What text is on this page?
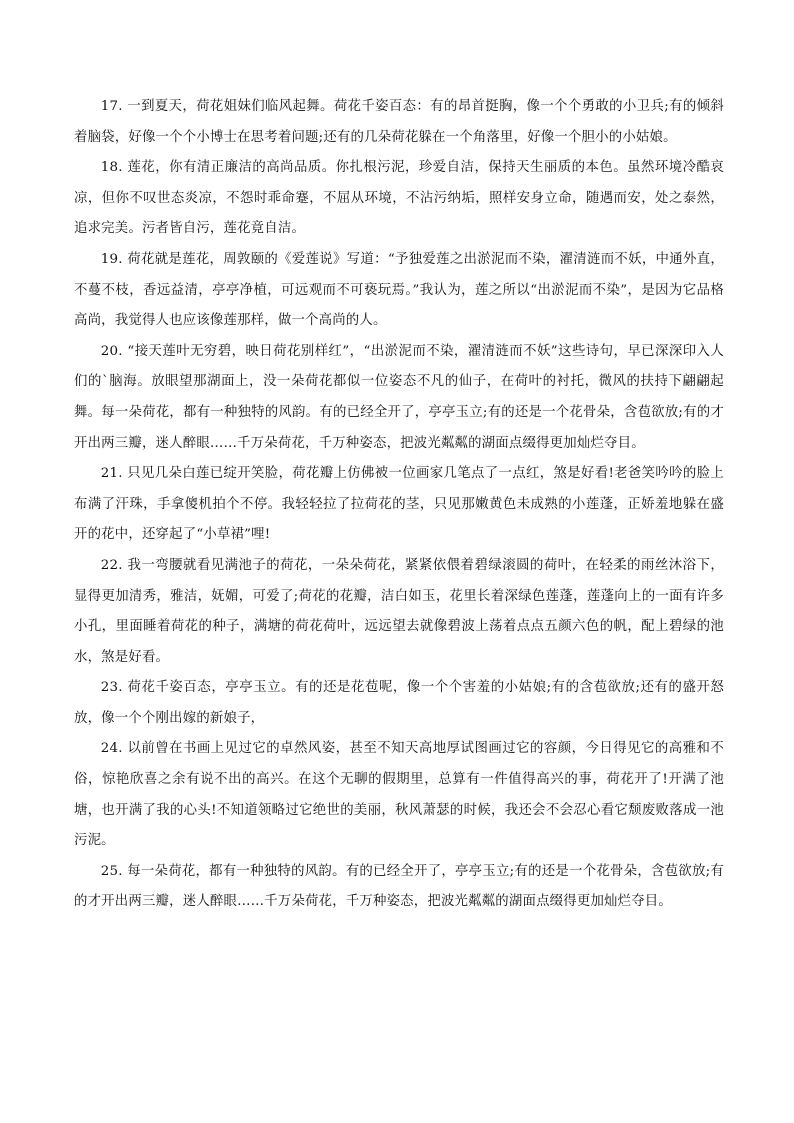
17. 一到夏天，荷花姐妹们临风起舞。荷花千姿百态：有的昂首挺胸，像一个个勇敢的小卫兵;有的倾斜着脑袋，好像一个个小博士在思考着问题;还有的几朵荷花躲在一个角落里，好像一个胆小的小姑娘。

18. 莲花，你有清正廉洁的高尚品质。你扎根污泥，珍爱自洁，保持天生丽质的本色。虽然环境冷酷哀凉，但你不叹世态炎凉，不怨时乖命蹇，不屈从环境，不沾污纳垢，照样安身立命，随遇而安，处之泰然，追求完美。污者皆自污，莲花竟自洁。

19. 荷花就是莲花，周敦颐的《爱莲说》写道：“予独爱莲之出淤泥而不染，濯清涟而不妖，中通外直，不蔓不枝，香远益清，亭亭净植，可远观而不可亵玩焉。”我认为，莲之所以“出淤泥而不染”，是因为它品格高尚，我觉得人也应该像莲那样，做一个高尚的人。

20. “接天莲叶无穷碧，映日荷花别样红”，“出淤泥而不染，濯清涟而不妖”这些诗句，早已深深印入人们的`脑海。放眼望那湖面上，没一朵荷花都似一位姿态不凡的仙子，在荷叶的衬托，微风的扶持下翩翩起舞。每一朵荷花，都有一种独特的风韵。有的已经全开了，亭亭玉立;有的还是一个花骨朵，含苞欲放;有的才开出两三瓣，迷人醉眼……千万朵荷花，千万种姿态，把波光粼粼的湖面点缀得更加灿烂夺目。

21. 只见几朵白莲已绽开笑脸，荷花瓣上仿佛被一位画家几笔点了一点红，煞是好看!老爸笑吟吟的脸上布满了汗珠，手拿傻机拍个不停。我轻轻拉了拉荷花的茎，只见那嫩黄色未成熟的小莲蓬，正娇羞地躲在盛开的花中，还穿起了“小草裙”哩!

22. 我一弯腰就看见满池子的荷花，一朵朵荷花，紧紧依偎着碧绿滚圆的荷叶，在轻柔的雨丝沐浴下，显得更加清秀，雅洁，妩媚，可爱了;荷花的花瓣，洁白如玉，花里长着深绿色莲蓬，莲蓬向上的一面有许多小孔，里面睡着荷花的种子，满塘的荷花荷叶，远远望去就像碧波上荡着点点五颜六色的帆，配上碧绿的池水，煞是好看。

23. 荷花千姿百态，亭亭玉立。有的还是花苞呢，像一个个害羞的小姑娘;有的含苞欲放;还有的盛开怒放，像一个个刚出嫁的新娘子，

24. 以前曾在书画上见过它的卓然风姿，甚至不知天高地厚试图画过它的容颜，今日得见它的高雅和不俗，惊艳欣喜之余有说不出的高兴。在这个无聊的假期里，总算有一件值得高兴的事，荷花开了!开满了池塘，也开满了我的心头!不知道领略过它绝世的美丽，秋风萧瑟的时候，我还会不会忍心看它颓废败落成一池污泥。

25. 每一朵荷花，都有一种独特的风韵。有的已经全开了，亭亭玉立;有的还是一个花骨朵，含苞欲放;有的才开出两三瓣，迷人醉眼……千万朵荷花，千万种姿态，把波光粼粼的湖面点缀得更加灿烂夺目。
